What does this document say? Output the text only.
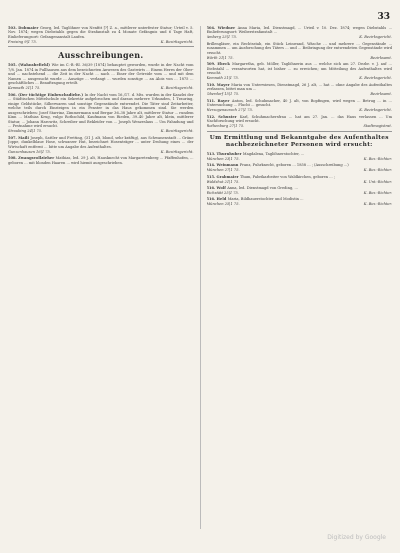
33
503. Dobmaier Georg, led. Taglöhner von Nenfitt [?] Z. a., mittlerer unterfester Statur; Urteil v. 5. Nov. 1874; wegen Diebstahls gegen die Strafanstalt zu 4 Monate Gefängnis und 6 Tage Haft, Einlieferungsort: Gefangenanstalt Laufen.
Freising 9|1 75.	K. Bezirksgericht.
Ausschreibungen.
505. (Wahnsbefiehl) Wie im C.-B.-Bl. 36/39 (1874) behauptet geworden, wurde in der Nacht vom 7/8. Jan. 1874 in Pullhausen aus dem bezeichneten Anwesen des Gastwirts ... Einem Herrn der Ober- und ... nachstehend ... die Zeit in der Nacht ... nach ... Einer der Getreide vom ... und mit dem Namen ... ausgesucht wurde ... Auszüge ... verlangt ... wurden sonstige ... an Alois von ... 1875 ... geschäftliches ... Beauftragung erteilt.
Kemnath 21|1 75.	K. Bezirksgericht.
506. (Der tüchtige Einbruchsdiebe.) In der Nacht vom 16./17. d. Mts. wurden in der Kanzlei der ... Städtischen Mittelschule ein Sekretär aufgebrochen und daraus mehrere Urkunden, 1 Trauring, einige Geldstücke, Silberwaren und sonstige Gegenstände entwendet. Die Täter sind Zeitarbeiter, welche teils durch Einsteigen in ein Fenster in das Haus gekommen sind. Sie werden ausgeschrieben: Josef Starrinz, Zimmermann und Bergar 36–38 Jahre alt, mittlerer Statur ... rundem Kinn ... Mathias Krug, vulgo Rothschild, Kaufmann von Rieden, 39–40 Jahre alt, klein, mittlerer Statur, ... Johann Harowitz, Schreiber und Bekleider von ... Joseph Wenzeslaus ... Um Fahndung und ... Festnahme wird ersucht.
Straubing 24|1 75.	K. Bezirksgericht.
507. Maili Joseph, Sattler und Fretting, (31 J. alt, blond, sehr kräftig), aus Schwanenstadt ... Grüne Joppe, dunkelblaue Hose, schwarzer Hut, bezeichnet Hosenträger ... unter Drohung eines ... der Wirtschaft entfernt ... bitte um Angabe des Aufenthaltes.
Gunzenhausen 16|1 75.	K. Bezirksgericht.
508. Zwangsvollzieher Mathias, led. 29 J. alt, Hausknecht von Margaretenberg ... Pfaffenhofen, ... geboren ... mit blonden Haaren ... wird hiemit ausgeschrieben.
504. Wiedner Anna Maria, led. Dienstmagd, ... Urteil v. 10. Dez. 1874; wegen Diebstahls ... Einlieferungsort: Weiberstrafanstalt ...
Amberg 23|1 75.	K. Bezirksgericht.
Brillengläser, ein Rechtsstab, ein Stück Leinwand, Wäsche ... und mehrere ... Gegenstände ... zusammen ... um Ausforschung des Täters ... und ... Beibringung der entwendeten Gegenstände wird ersucht.
Wörth 21|1 75.	Bezirksamt.
509. Ebeck Margaretha, geb. Möller, Taglöhnerin aus ... welche sich am 27. Dezbr. v. J. auf ... Diebstahl ... verantworten hat, ist bisher ... zu erreichen; um Mitteilung des Aufenthaltes wird ersucht.
Kemnath 21|1 75.	K. Bezirksgericht.
510. Mayer Maria von Unterwiesen, Dienstmagd, 26 J. alt, ... hat ... ohne Angabe des Aufenthaltes verlassen, bittet man um ...
Oberdorf 15|1 75.	Bezirksamt.
511. Bayer Anton, led. Schuhmacher, 40 J. alt, von Bopfingen, wird wegen ... Betrug ... in ... Untersuchung ... Flucht ... gesucht.
Herzogenaurach 27|1 75.	K. Bezirksgericht.
512. Schuster Karl, Schuhmachersfrau ... hat am 27. Jan. ... das Haus verlassen ... Um Nachforschung wird ersucht.
Rothenburg 27|1 75.	Stadtmagistrat.
Um Ermittlung und Bekanntgabe des Aufenthaltes nachbezeichneter Personen wird ersucht:
513. Thurnhuber Magdalena, Taglöhnerstochter, ...
München 23|1 75.	K. Bez.-Richter.
514. Weinmann Franz, Fuhrknecht, geboren ... 1858 ... ; (Ausschreibung ...)
München 27|1 75.	K. Bez.-Richter.
515. Grabmaier Thum, Fabrikarbeiter von Waldkirchen, geboren ... ;
Waldshut 21|1 75.	K. Unt.-Richter.
516. Wolf Anna, led. Dienstmagd von Greding, ...
Eichstätt 25|1 75.	K. Bez.-Richter.
516. Held Maria, Bildhauerstochter und Modistin ...
München 25|1 75.	K. Bez.-Richter.
Digitized by Google
